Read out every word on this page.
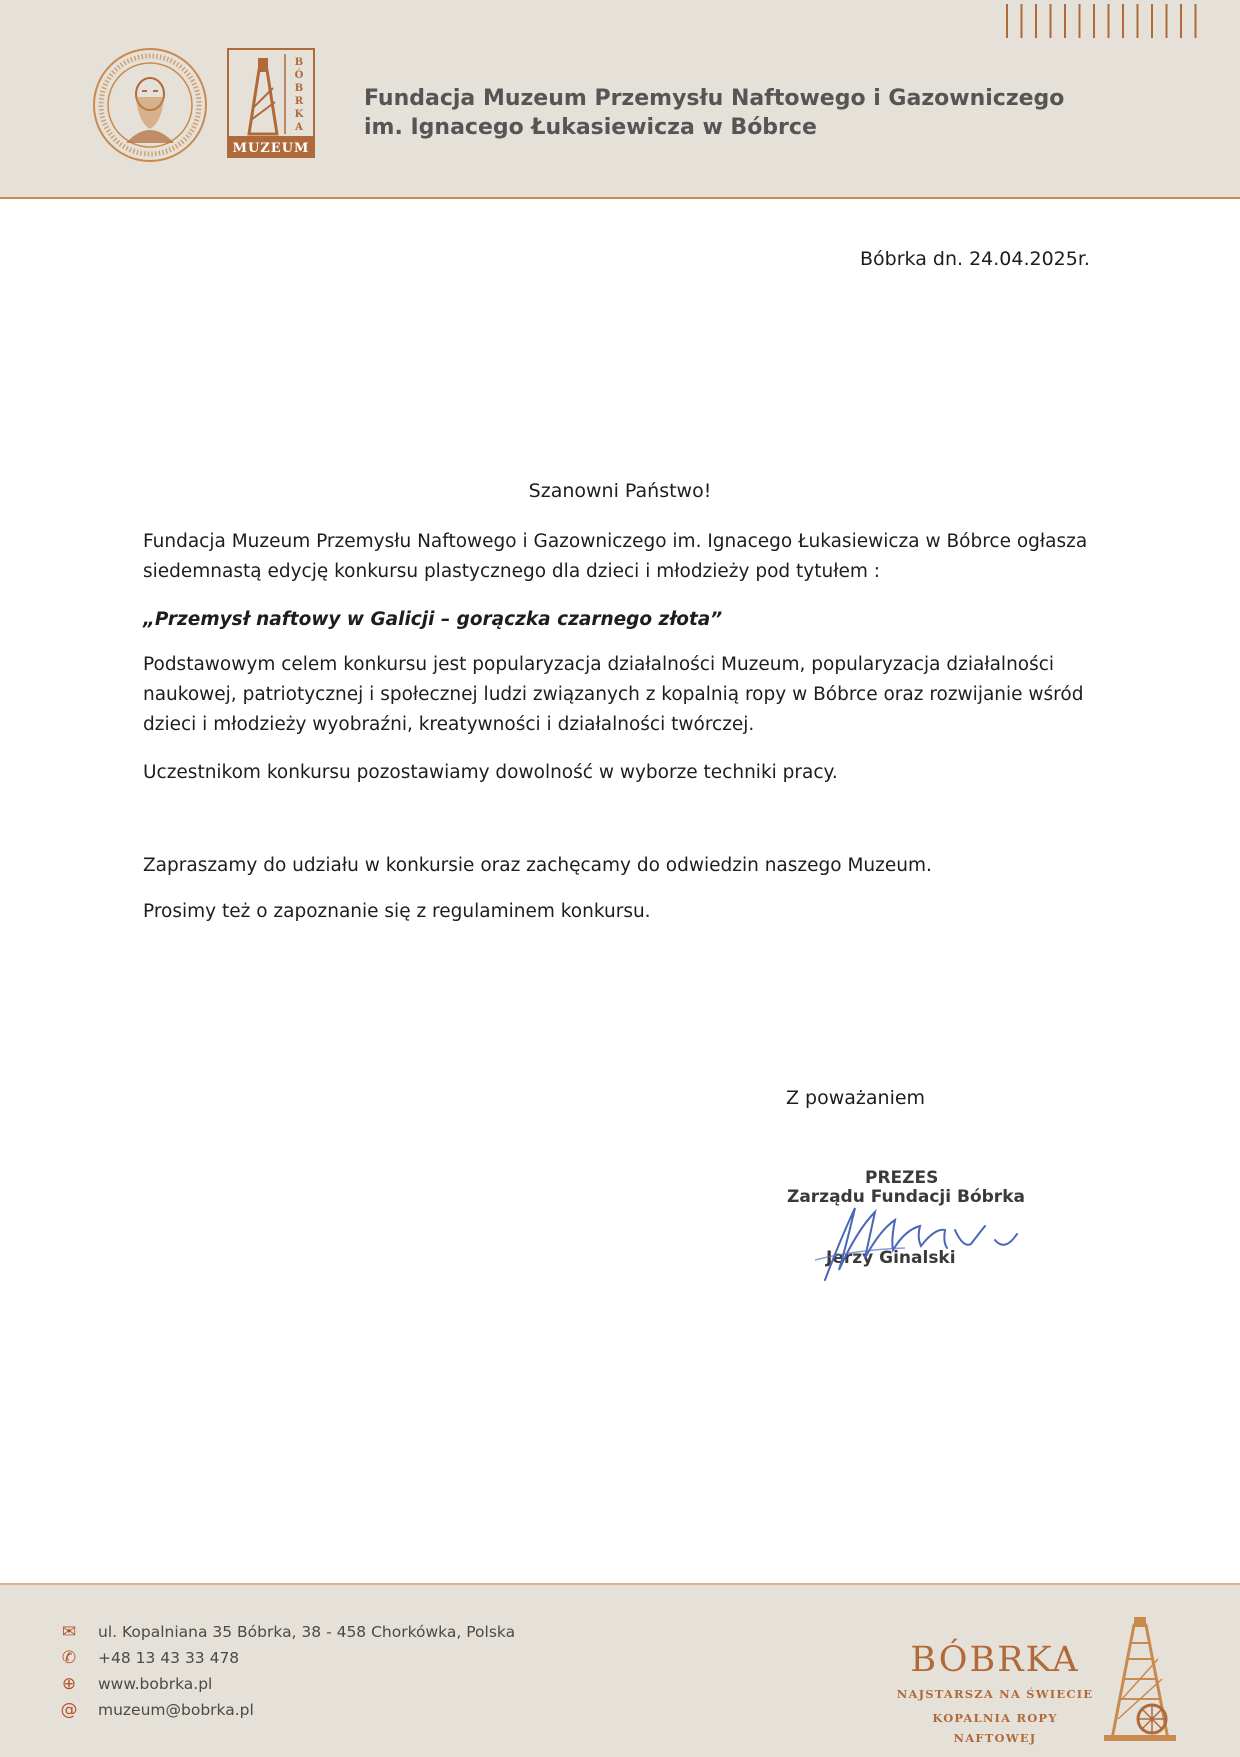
B
Ó
B
R
K
A
MUZEUM
Fundacja Muzeum Przemysłu Naftowego i Gazowniczego
im. Ignacego Łukasiewicza w Bóbrce
Bóbrka dn. 24.04.2025r.
Szanowni Państwo!
Fundacja Muzeum Przemysłu Naftowego i Gazowniczego im. Ignacego Łukasiewicza w Bóbrce ogłasza siedemnastą edycję konkursu plastycznego dla dzieci i młodzieży pod tytułem :
„Przemysł naftowy w Galicji – gorączka czarnego złota”
Podstawowym celem konkursu jest popularyzacja działalności Muzeum, popularyzacja działalności naukowej, patriotycznej i społecznej ludzi związanych z kopalnią ropy w Bóbrce oraz rozwijanie wśród dzieci i młodzieży wyobraźni, kreatywności i działalności twórczej.
Uczestnikom konkursu pozostawiamy dowolność w wyborze techniki pracy.
Zapraszamy do udziału w konkursie oraz zachęcamy do odwiedzin naszego Muzeum.
Prosimy też o zapoznanie się z regulaminem konkursu.
Z poważaniem
PREZES
Zarządu Fundacji Bóbrka
Jerzy Ginalski
✉ ul. Kopalniana 35 Bóbrka, 38 - 458 Chorkówka, Polska
✆ +48 13 43 33 478
⊕ www.bobrka.pl
@ muzeum@bobrka.pl
BÓBRKA
NAJSTARSZA NA ŚWIECIE
KOPALNIA ROPY NAFTOWEJ
